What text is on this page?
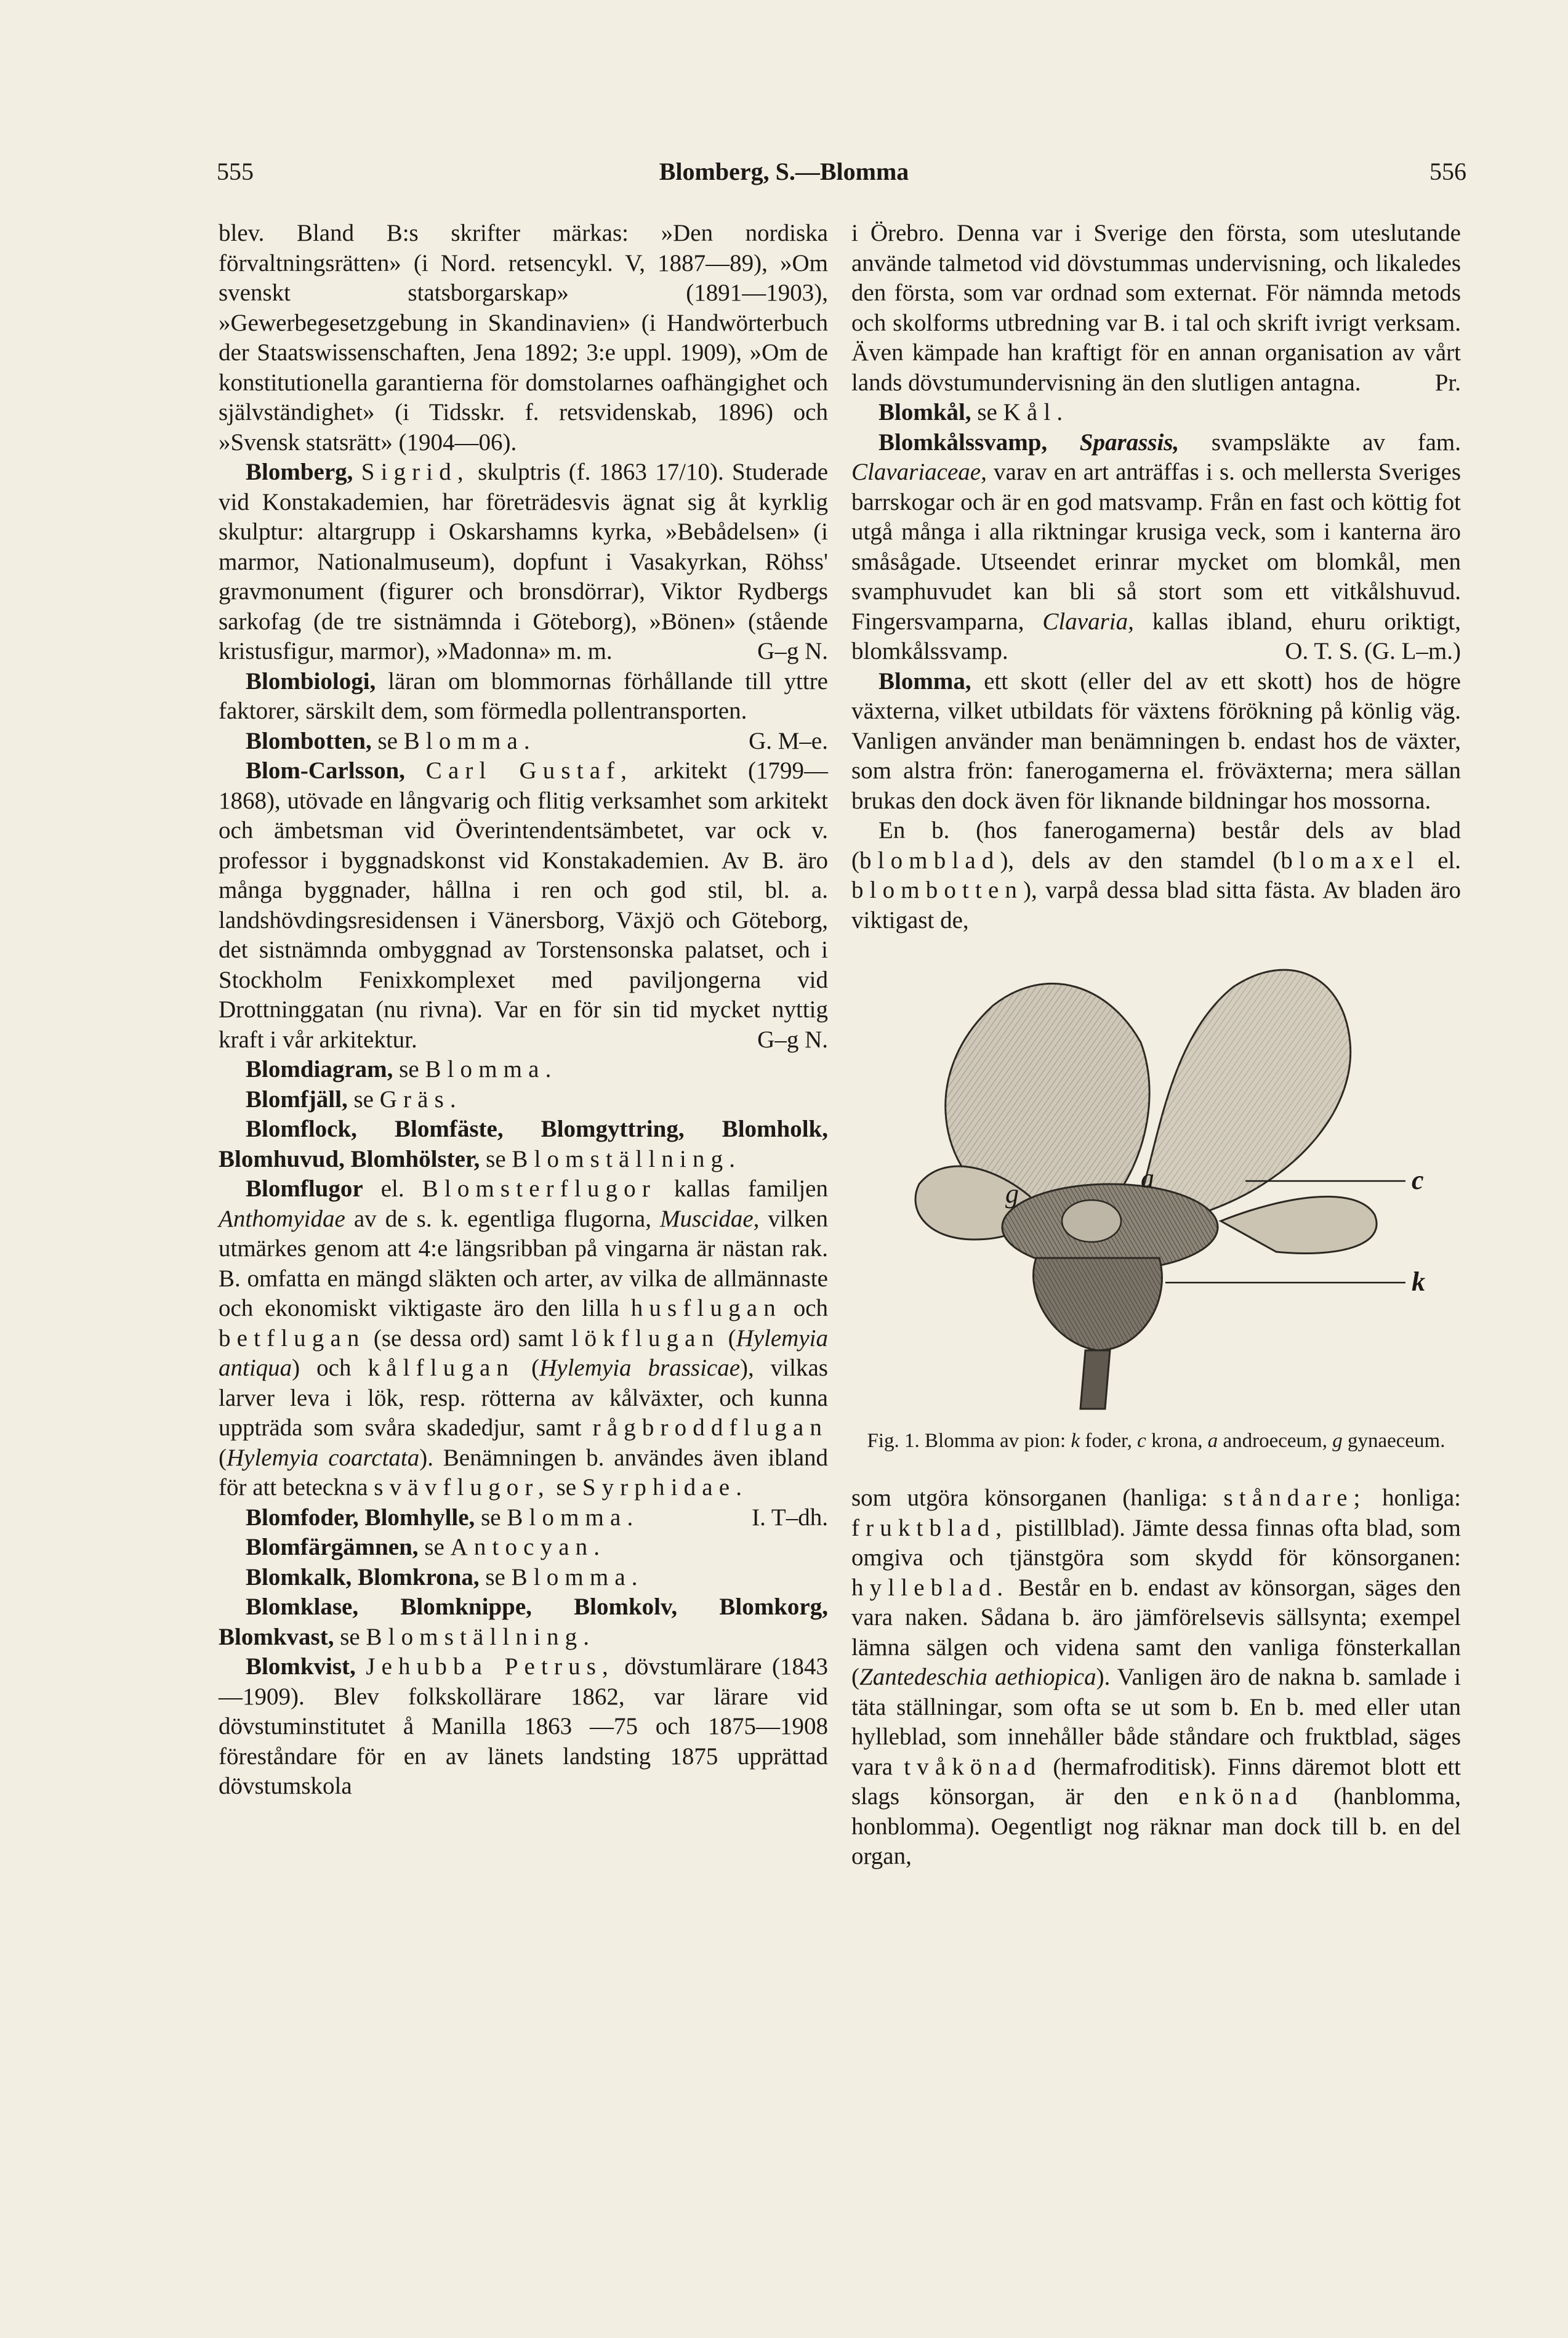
555	Blomberg, S.—Blomma	556

blev. Bland B:s skrifter märkas: »Den nordiska förvaltningsrätten» (i Nord. retsencykl. V, 1887—89), »Om svenskt statsborgarskap» (1891—1903), »Gewerbegesetzgebung in Skandinavien» (i Handwörterbuch der Staatswissenschaften, Jena 1892; 3:e uppl. 1909), »Om de konstitutionella garantierna för domstolarnes oafhängighet och självständighet» (i Tidsskr. f. retsvidenskab, 1896) och »Svensk statsrätt» (1904—06).

Blomberg, Sigrid, skulptris (f. 1863 17/10). Studerade vid Konstakademien, har företrädesvis ägnat sig åt kyrklig skulptur: altargrupp i Oskarshamns kyrka, »Bebådelsen» (i marmor, Nationalmuseum), dopfunt i Vasakyrkan, Röhss' gravmonument (figurer och bronsdörrar), Viktor Rydbergs sarkofag (de tre sistnämnda i Göteborg), »Bönen» (stående kristusfigur, marmor), »Madonna» m. m.	G–g N.

Blombiologi, läran om blommornas förhållande till yttre faktorer, särskilt dem, som förmedla pollentransporten.
G. M–e.

Blombotten, se Blomma.

Blom-Carlsson, Carl Gustaf, arkitekt (1799—1868), utövade en långvarig och flitig verksamhet som arkitekt och ämbetsman vid Överintendentsämbetet, var ock v. professor i byggnadskonst vid Konstakademien. Av B. äro många byggnader, hållna i ren och god stil, bl. a. landshövdingsresidensen i Vänersborg, Växjö och Göteborg, det sistnämnda ombyggnad av Torstensonska palatset, och i Stockholm Fenixkomplexet med paviljongerna vid Drottninggatan (nu rivna). Var en för sin tid mycket nyttig kraft i vår arkitektur.	G–g N.

Blomdiagram, se Blomma.

Blomfjäll, se Gräs.

Blomflock, Blomfäste, Blomgyttring, Blomholk, Blomhuvud, Blomhölster, se Blomställning.

Blomflugor el. Blomsterflugor kallas familjen Anthomyidae av de s. k. egentliga flugorna, Muscidae, vilken utmärkes genom att 4:e längsribban på vingarna är nästan rak. B. omfatta en mängd släkten och arter, av vilka de allmännaste och ekonomiskt viktigaste äro den lilla husflugan och betflugan (se dessa ord) samt lökflugan (Hylemyia antiqua) och kålflugan (Hylemyia brassicae), vilkas larver leva i lök, resp. rötterna av kålväxter, och kunna uppträda som svåra skadedjur, samt rågbroddflugan (Hylemyia coarctata). Benämningen b. användes även ibland för att beteckna svävflugor, se Syrphidae.
I. T–dh.

Blomfoder, Blomhylle, se Blomma.

Blomfärgämnen, se Antocyan.

Blomkalk, Blomkrona, se Blomma.

Blomklase, Blomknippe, Blomkolv, Blomkorg, Blomkvast, se Blomställning.

Blomkvist, Jehubba Petrus, dövstumlärare (1843—1909). Blev folkskollärare 1862, var lärare vid dövstuminstitutet å Manilla 1863 —75 och 1875—1908 föreståndare för en av länets landsting 1875 upprättad dövstumskola

i Örebro. Denna var i Sverige den första, som uteslutande använde talmetod vid dövstummas undervisning, och likaledes den första, som var ordnad som externat. För nämnda metods och skolforms utbredning var B. i tal och skrift ivrigt verksam. Även kämpade han kraftigt för en annan organisation av vårt lands dövstumundervisning än den slutligen antagna.	Pr.

Blomkål, se Kål.

Blomkålssvamp, Sparassis, svampsläkte av fam. Clavariaceae, varav en art anträffas i s. och mellersta Sveriges barrskogar och är en god matsvamp. Från en fast och köttig fot utgå många i alla riktningar krusiga veck, som i kanterna äro småsågade. Utseendet erinrar mycket om blomkål, men svamphuvudet kan bli så stort som ett vitkålshuvud. Fingersvamparna, Clavaria, kallas ibland, ehuru oriktigt, blomkålssvamp.	O. T. S. (G. L–m.)

Blomma, ett skott (eller del av ett skott) hos de högre växterna, vilket utbildats för växtens förökning på könlig väg. Vanligen använder man benämningen b. endast hos de växter, som alstra frön: fanerogamerna el. fröväxterna; mera sällan brukas den dock även för liknande bildningar hos mossorna.

En b. (hos fanerogamerna) består dels av blad (blomblad), dels av den stamdel (blomaxel el. blombotten), varpå dessa blad sitta fästa. Av bladen äro viktigast de,

g
a	c
k
Fig. 1. Blomma av pion: k foder, c krona, a androeceum, g gynaeceum.

som utgöra könsorganen (hanliga: ståndare; honliga: fruktblad, pistillblad). Jämte dessa finnas ofta blad, som omgiva och tjänstgöra som skydd för könsorganen: hylleblad. Består en b. endast av könsorgan, säges den vara naken. Sådana b. äro jämförelsevis sällsynta; exempel lämna sälgen och videna samt den vanliga fönsterkallan (Zantedeschia aethiopica). Vanligen äro de nakna b. samlade i täta ställningar, som ofta se ut som b. En b. med eller utan hylleblad, som innehåller både ståndare och fruktblad, säges vara tvåkönad (hermafroditisk). Finns däremot blott ett slags könsorgan, är den enkönad (hanblomma, honblomma). Oegentligt nog räknar man dock till b. en del organ,
